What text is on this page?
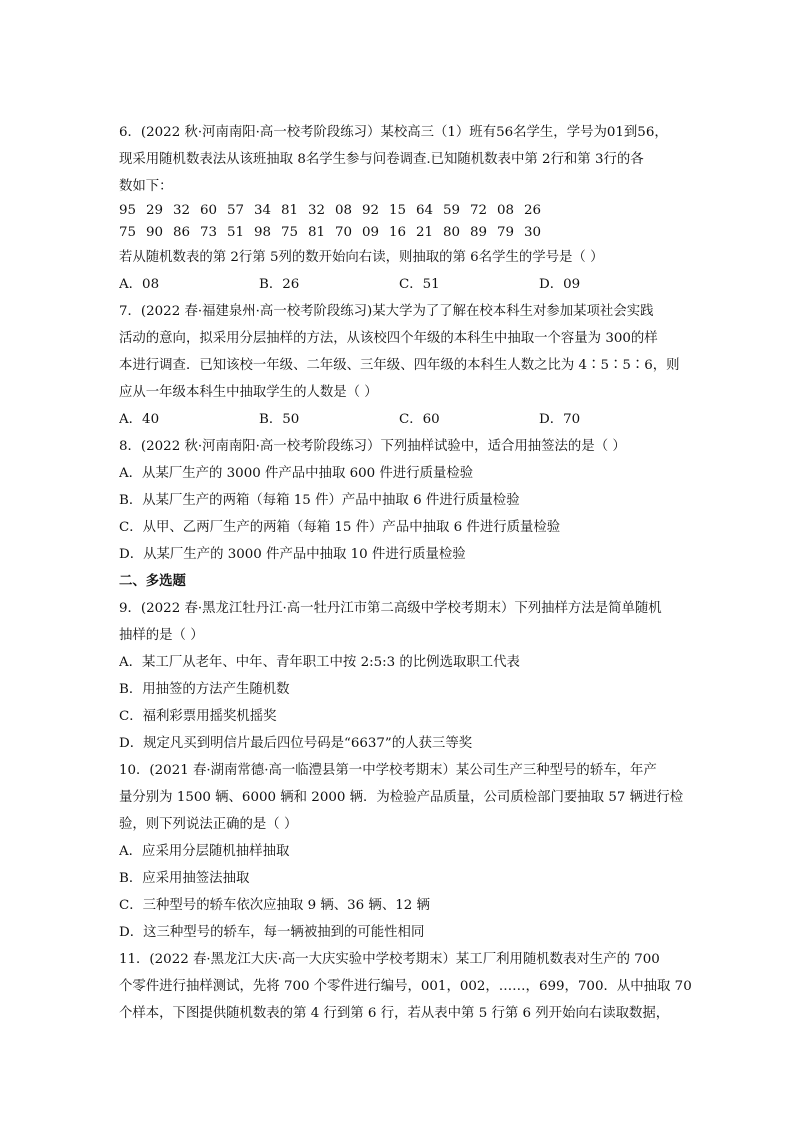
6．(2022 秋·河南南阳·高一校考阶段练习）某校高三（1）班有56名学生，学号为01到56，
现采用随机数表法从该班抽取 8名学生参与问卷调查.已知随机数表中第 2行和第 3行的各
数如下：
95 29 32 60 57 34 81 32 08 92 15 64 59 72 08 26
75 90 86 73 51 98 75 81 70 09 16 21 80 89 79 30
若从随机数表的第 2行第 5列的数开始向右读，则抽取的第 6名学生的学号是（ ）
A．08	B．26	C．51	D．09
7．(2022 春·福建泉州·高一校考阶段练习)某大学为了了解在校本科生对参加某项社会实践
活动的意向，拟采用分层抽样的方法，从该校四个年级的本科生中抽取一个容量为 300的样
本进行调查．已知该校一年级、二年级、三年级、四年级的本科生人数之比为 4∶5∶5∶6，则
应从一年级本科生中抽取学生的人数是（ ）
A．40	B．50	C．60	D．70
8．(2022 秋·河南南阳·高一校考阶段练习）下列抽样试验中，适合用抽签法的是（ ）
A．从某厂生产的 3000 件产品中抽取 600 件进行质量检验
B．从某厂生产的两箱（每箱 15 件）产品中抽取 6 件进行质量检验
C．从甲、乙两厂生产的两箱（每箱 15 件）产品中抽取 6 件进行质量检验
D．从某厂生产的 3000 件产品中抽取 10 件进行质量检验
二、多选题
9．(2022 春·黑龙江牡丹江·高一牡丹江市第二高级中学校考期末）下列抽样方法是简单随机
抽样的是（ ）
A．某工厂从老年、中年、青年职工中按 2:5:3 的比例选取职工代表
B．用抽签的方法产生随机数
C．福利彩票用摇奖机摇奖
D．规定凡买到明信片最后四位号码是“6637”的人获三等奖
10．(2021 春·湖南常德·高一临澧县第一中学校考期末）某公司生产三种型号的轿车，年产
量分别为 1500 辆、6000 辆和 2000 辆．为检验产品质量，公司质检部门要抽取 57 辆进行检
验，则下列说法正确的是（ ）
A．应采用分层随机抽样抽取
B．应采用抽签法抽取
C．三种型号的轿车依次应抽取 9 辆、36 辆、12 辆
D．这三种型号的轿车，每一辆被抽到的可能性相同
11．(2022 春·黑龙江大庆·高一大庆实验中学校考期末）某工厂利用随机数表对生产的 700
个零件进行抽样测试，先将 700 个零件进行编号，001，002，……，699，700．从中抽取 70
个样本，下图提供随机数表的第 4 行到第 6 行，若从表中第 5 行第 6 列开始向右读取数据，
